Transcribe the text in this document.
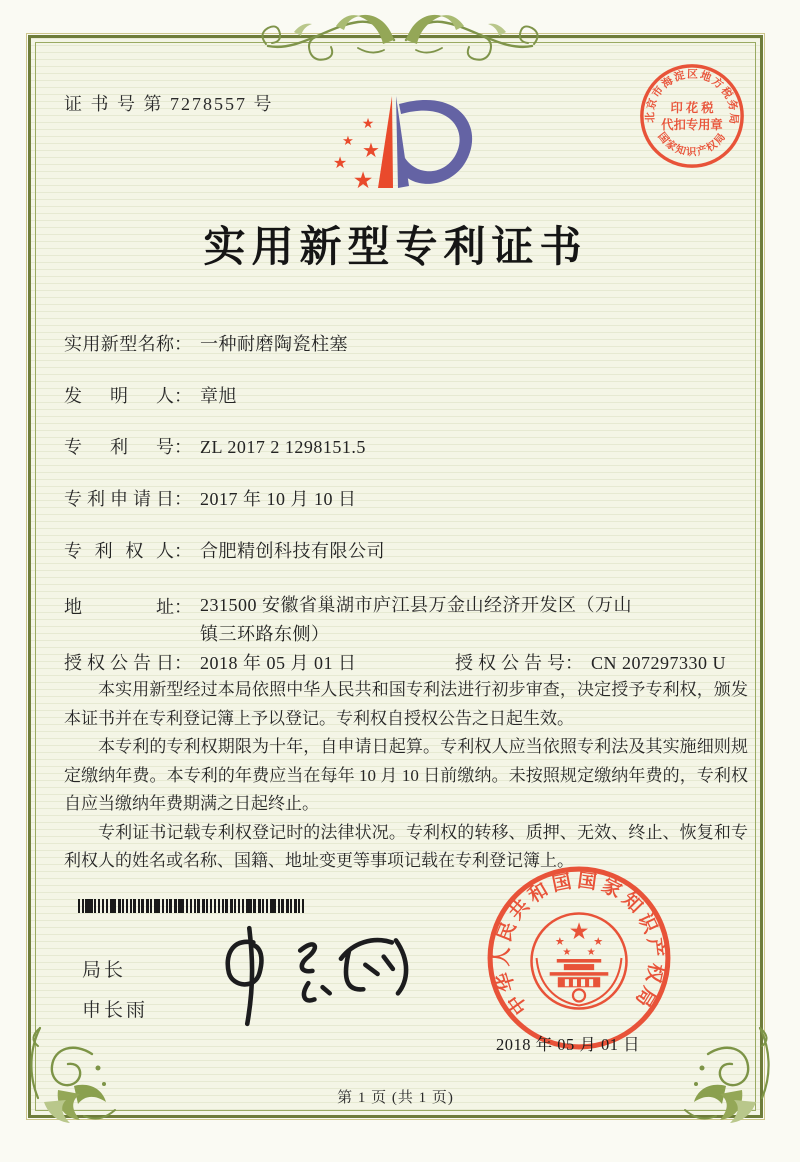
★
★ ★
★
★
北京市海淀区地方税务局
国家知识产权局
印 花 税
代扣专用章
证 书 号 第 7278557 号
实用新型专利证书
实用新型名称： 一种耐磨陶瓷柱塞
发明人： 章旭
专利号： ZL 2017 2 1298151.5
专利申请日： 2017 年 10 月 10 日
专利权人： 合肥精创科技有限公司
地址： 231500 安徽省巢湖市庐江县万金山经济开发区（万山镇三环路东侧）
授权公告日： 2018 年 05 月 01 日	授权公告号： CN 207297330 U

本实用新型经过本局依照中华人民共和国专利法进行初步审查，决定授予专利权，颁发本证书并在专利登记簿上予以登记。专利权自授权公告之日起生效。

本专利的专利权期限为十年，自申请日起算。专利权人应当依照专利法及其实施细则规定缴纳年费。本专利的年费应当在每年 10 月 10 日前缴纳。未按照规定缴纳年费的，专利权自应当缴纳年费期满之日起终止。

专利证书记载专利权登记时的法律状况。专利权的转移、质押、无效、终止、恢复和专利权人的姓名或名称、国籍、地址变更等事项记载在专利登记簿上。

局长
申长雨	中华人民共和国国家知识产权局
★
★	★
★ ★
2018 年 05 月 01 日
第 1 页 (共 1 页)
